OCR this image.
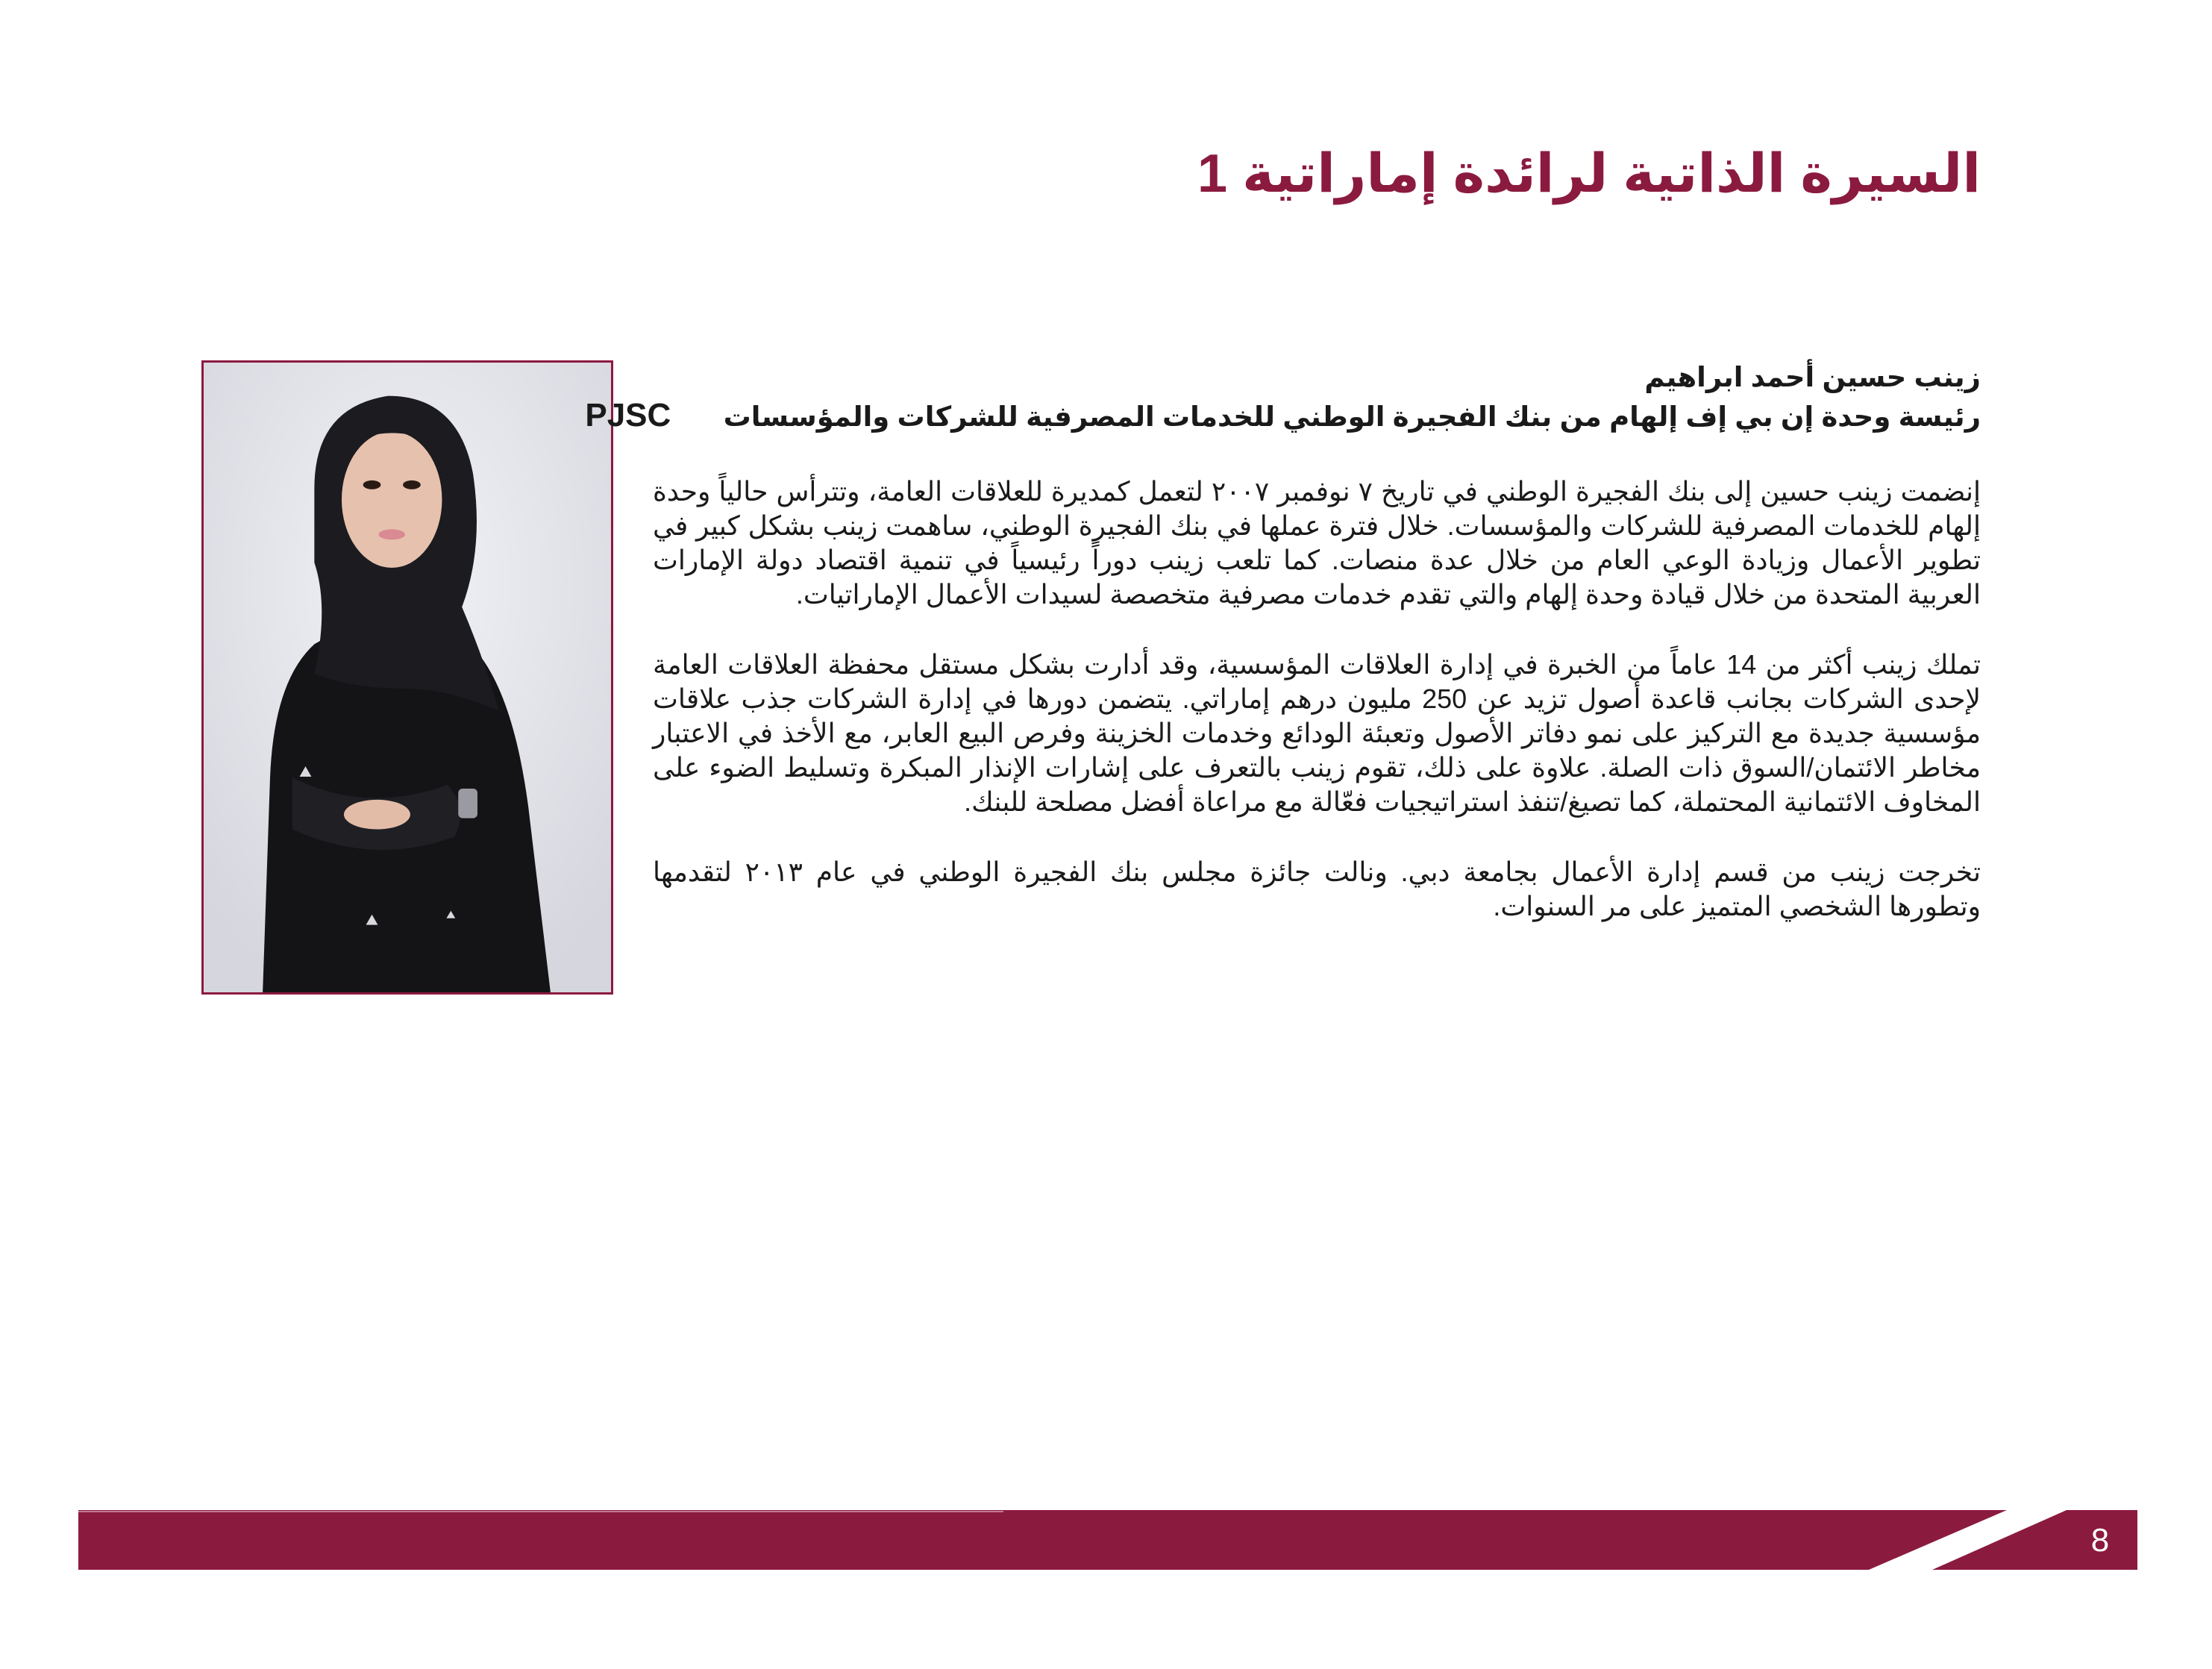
السيرة الذاتية لرائدة إماراتية 1

زينب حسين أحمد ابراهيم

رئيسة وحدة إن بي إف إلهام من بنك الفجيرة الوطني للخدمات المصرفية للشركات والمؤسسات PJSC

إنضمت زينب حسين إلى بنك الفجيرة الوطني في تاريخ ٧ نوفمبر ٢٠٠٧ لتعمل كمديرة للعلاقات العامة، وتترأس حالياً وحدة إلهام للخدمات المصرفية للشركات والمؤسسات. خلال فترة عملها في بنك الفجيرة الوطني، ساهمت زينب بشكل كبير في تطوير الأعمال وزيادة الوعي العام من خلال عدة منصات. كما تلعب زينب دوراً رئيسياً في تنمية اقتصاد دولة الإمارات العربية المتحدة من خلال قيادة وحدة إلهام والتي تقدم خدمات مصرفية متخصصة لسيدات الأعمال الإماراتيات.

تملك زينب أكثر من 14 عاماً من الخبرة في إدارة العلاقات المؤسسية، وقد أدارت بشكل مستقل محفظة العلاقات العامة لإحدى الشركات بجانب قاعدة أصول تزيد عن 250 مليون درهم إماراتي. يتضمن دورها في إدارة الشركات جذب علاقات مؤسسية جديدة مع التركيز على نمو دفاتر الأصول وتعبئة الودائع وخدمات الخزينة وفرص البيع العابر، مع الأخذ في الاعتبار مخاطر الائتمان/السوق ذات الصلة. علاوة على ذلك، تقوم زينب بالتعرف على إشارات الإنذار المبكرة وتسليط الضوء على المخاوف الائتمانية المحتملة، كما تصيغ/تنفذ استراتيجيات فعّالة مع مراعاة أفضل مصلحة للبنك.

تخرجت زينب من قسم إدارة الأعمال بجامعة دبي. ونالت جائزة مجلس بنك الفجيرة الوطني في عام ٢٠١٣ لتقدمها وتطورها الشخصي المتميز على مر السنوات.

8
